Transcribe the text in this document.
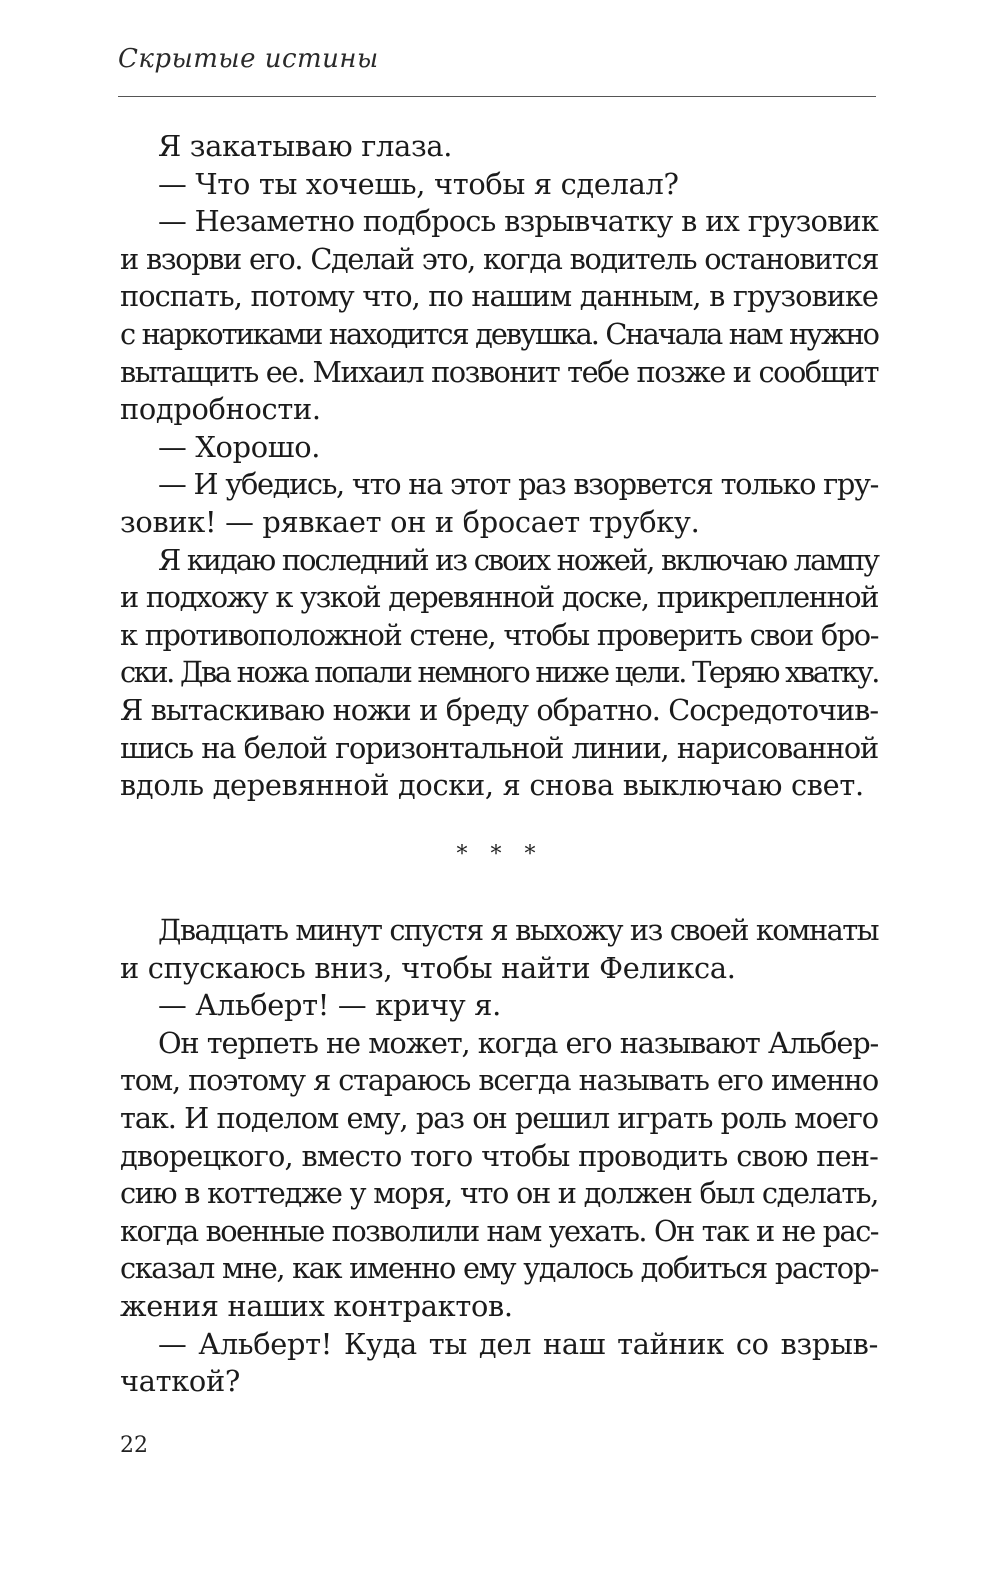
Скрытые истины
Я закатываю глаза.
— Что ты хочешь, чтобы я сделал?
— Незаметно подбрось взрывчатку в их грузовик
и взорви его. Сделай это, когда водитель остановится
поспать, потому что, по нашим данным, в грузовике
с наркотиками находится девушка. Сначала нам нужно
вытащить ее. Михаил позвонит тебе позже и сообщит
подробности.
— Хорошо.
— И убедись, что на этот раз взорвется только гру-
зовик! — рявкает он и бросает трубку.
Я кидаю последний из своих ножей, включаю лампу
и подхожу к узкой деревянной доске, прикрепленной
к противоположной стене, чтобы проверить свои бро-
ски. Два ножа попали немного ниже цели. Теряю хватку.
Я вытаскиваю ножи и бреду обратно. Сосредоточив-
шись на белой горизонтальной линии, нарисованной
вдоль деревянной доски, я снова выключаю свет.
* * *
Двадцать минут спустя я выхожу из своей комнаты
и спускаюсь вниз, чтобы найти Феликса.
— Альберт! — кричу я.
Он терпеть не может, когда его называют Альбер-
том, поэтому я стараюсь всегда называть его именно
так. И поделом ему, раз он решил играть роль моего
дворецкого, вместо того чтобы проводить свою пен-
сию в коттедже у моря, что он и должен был сделать,
когда военные позволили нам уехать. Он так и не рас-
сказал мне, как именно ему удалось добиться растор-
жения наших контрактов.
— Альберт! Куда ты дел наш тайник со взрыв-
чаткой?
22
